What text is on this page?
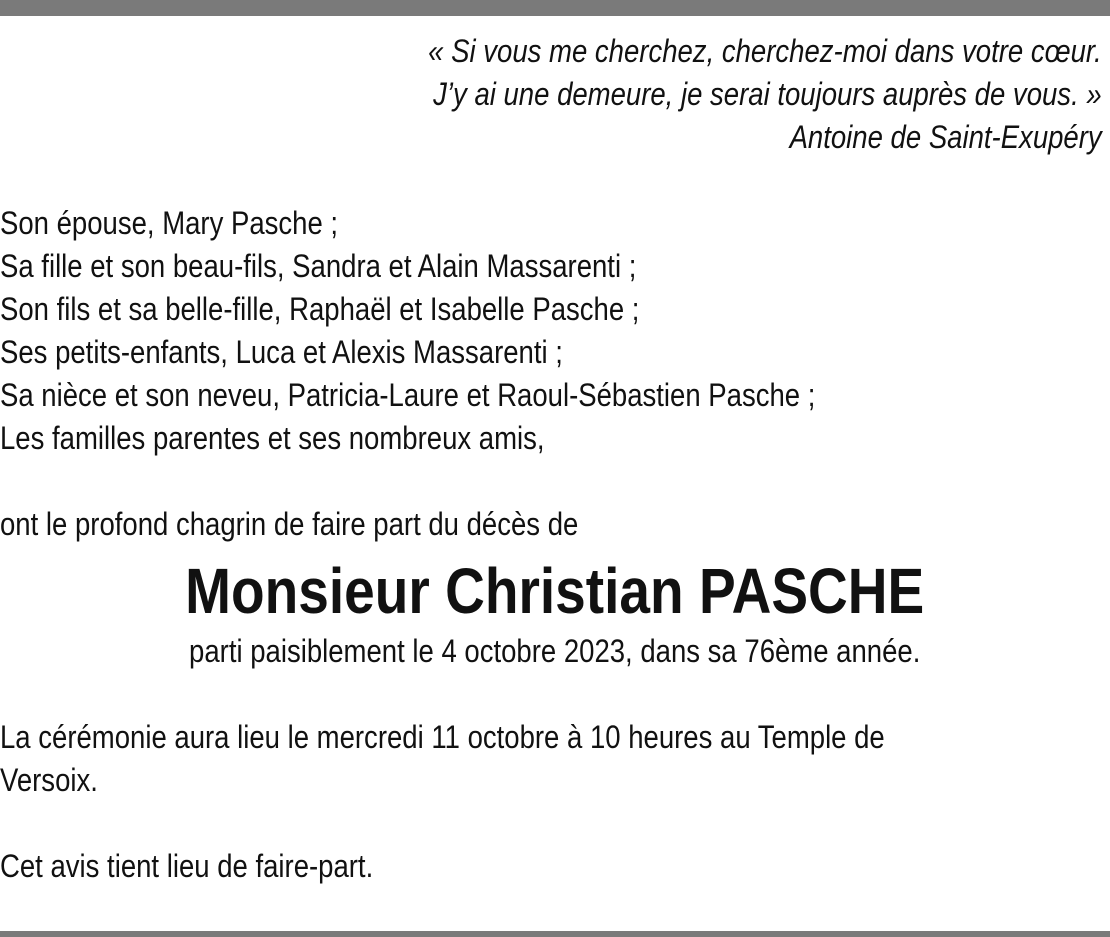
« Si vous me cherchez, cherchez-moi dans votre cœur.
J’y ai une demeure, je serai toujours auprès de vous. »
Antoine de Saint-Exupéry
Son épouse, Mary Pasche ;
Sa fille et son beau-fils, Sandra et Alain Massarenti ;
Son fils et sa belle-fille, Raphaël et Isabelle Pasche ;
Ses petits-enfants, Luca et Alexis Massarenti ;
Sa nièce et son neveu, Patricia-Laure et Raoul-Sébastien Pasche ;
Les familles parentes et ses nombreux amis,
ont le profond chagrin de faire part du décès de
Monsieur Christian PASCHE
parti paisiblement le 4 octobre 2023, dans sa 76ème année.
La cérémonie aura lieu le mercredi 11 octobre à 10 heures au Temple de
Versoix.
Cet avis tient lieu de faire-part.
